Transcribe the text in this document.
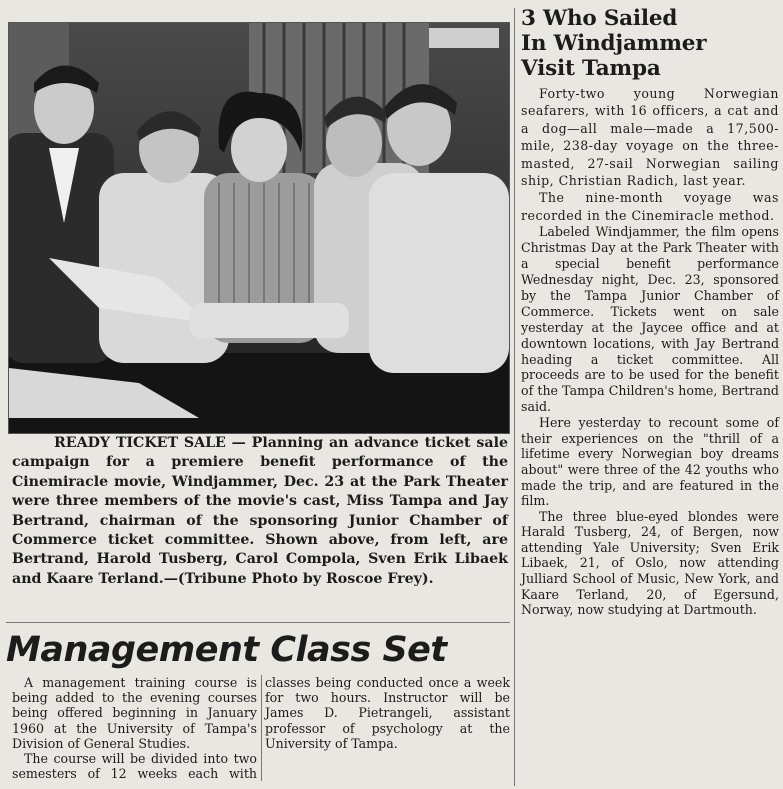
READY TICKET SALE — Planning an advance ticket sale campaign for a premiere benefit performance of the Cinemiracle movie, Windjammer, Dec. 23 at the Park Theater were three members of the movie's cast, Miss Tampa and Jay Bertrand, chairman of the sponsoring Junior Chamber of Commerce ticket committee. Shown above, from left, are Bertrand, Harold Tusberg, Carol Compola, Sven Erik Libaek and Kaare Terland.—(Tribune Photo by Roscoe Frey).

3 Who Sailed
In Windjammer
Visit Tampa

Forty-two young Norwegian seafarers, with 16 officers, a cat and a dog—all male—made a 17,500-mile, 238-day voyage on the three-masted, 27-sail Norwegian sailing ship, Christian Radich, last year.

The nine-month voyage was recorded in the Cinemiracle method.

Labeled Windjammer, the film opens Christmas Day at the Park Theater with a special benefit performance Wednesday night, Dec. 23, sponsored by the Tampa Junior Chamber of Commerce. Tickets went on sale yesterday at the Jaycee office and at downtown locations, with Jay Bertrand heading a ticket committee. All proceeds are to be used for the benefit of the Tampa Children's home, Bertrand said.

Here yesterday to recount some of their experiences on the "thrill of a lifetime every Norwegian boy dreams about" were three of the 42 youths who made the trip, and are featured in the film.

The three blue-eyed blondes were Harald Tusberg, 24, of Bergen, now attending Yale University; Sven Erik Libaek, 21, of Oslo, now attending Julliard School of Music, New York, and Kaare Terland, 20, of Egersund, Norway, now studying at Dartmouth.

Management Class Set

A management training course is being added to the evening courses being offered beginning in January 1960 at the University of Tampa's Division of General Studies.

The course will be divided into two semesters of 12 weeks each with classes being conducted once a week for two hours. Instructor will be James D. Pietrangeli, assistant professor of psychology at the University of Tampa.
